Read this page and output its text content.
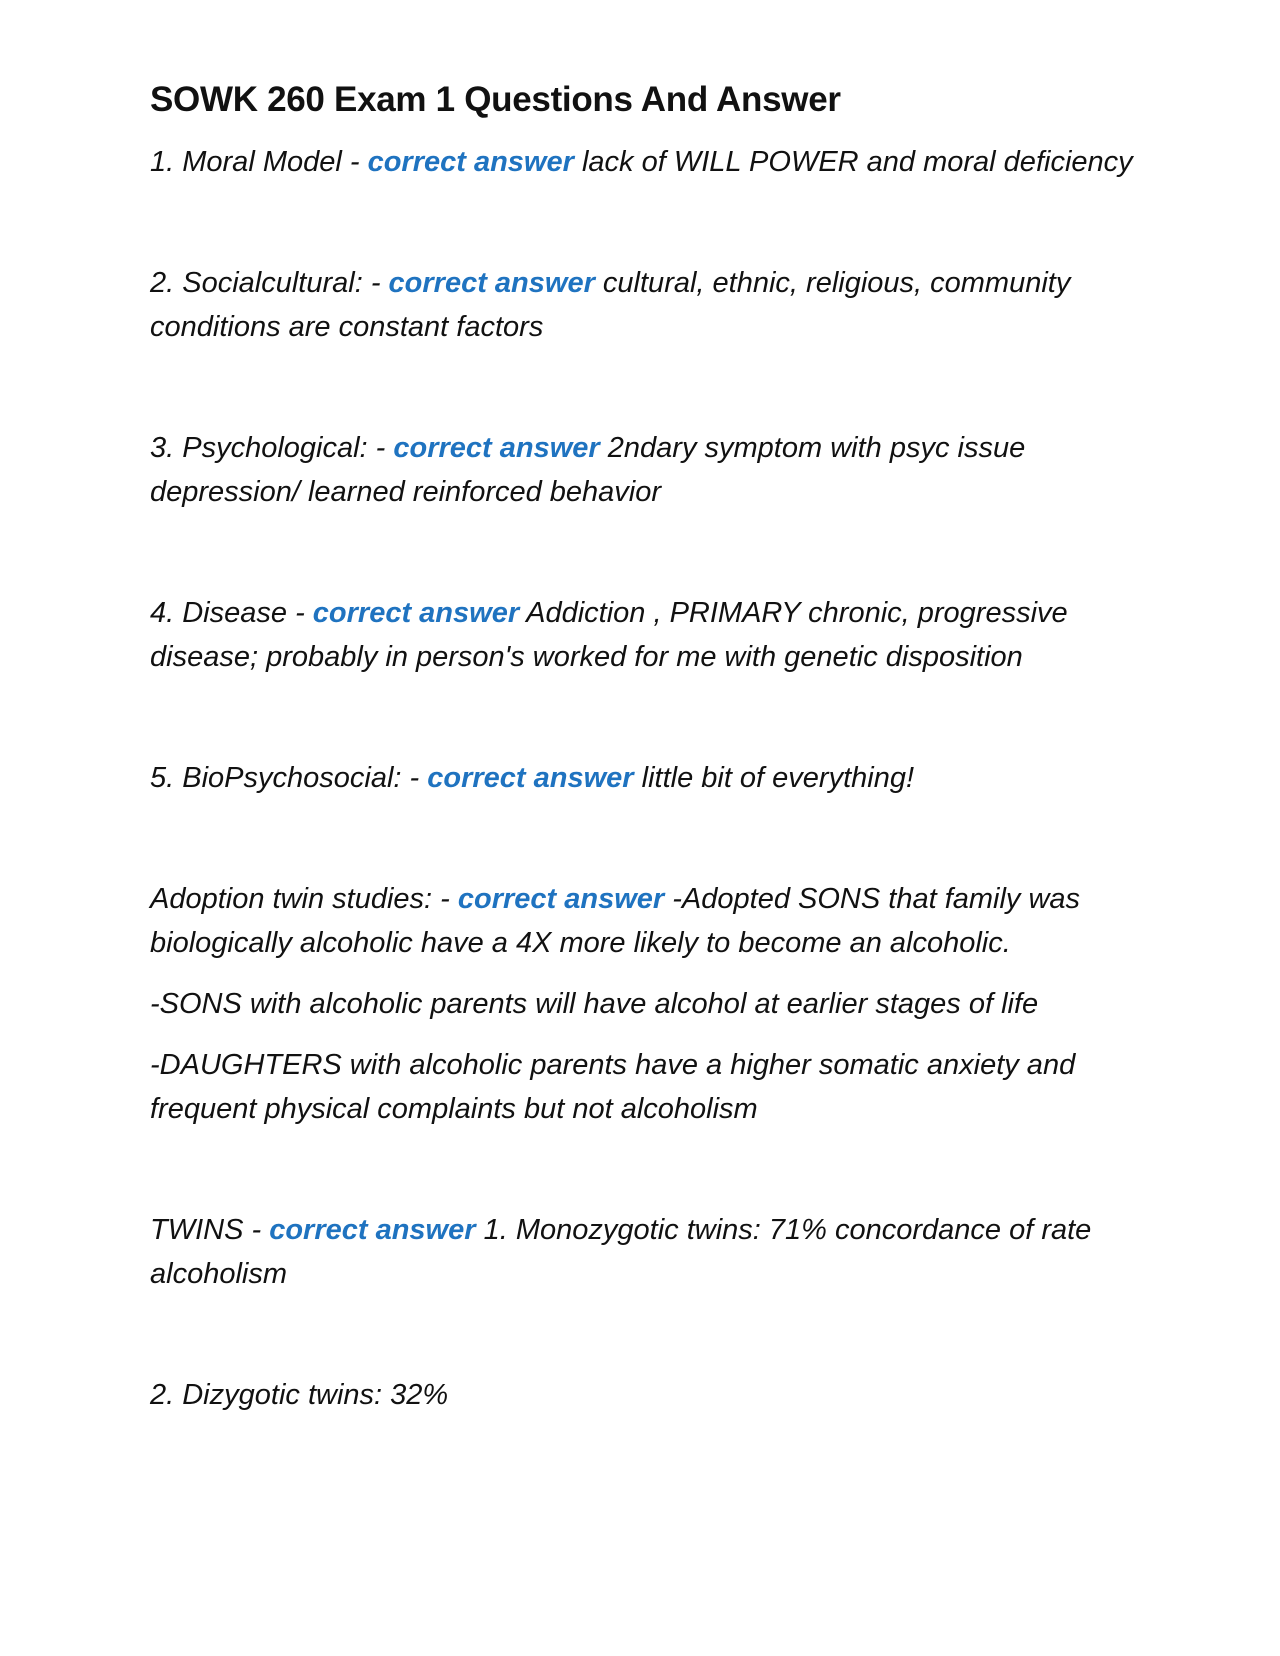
SOWK 260 Exam 1 Questions And Answer

1. Moral Model - correct answer lack of WILL POWER and moral deficiency

2. Socialcultural: - correct answer cultural, ethnic, religious, community conditions are constant factors

3. Psychological: - correct answer 2ndary symptom with psyc issue depression/ learned reinforced behavior

4. Disease - correct answer Addiction , PRIMARY chronic, progressive disease; probably in person's worked for me with genetic disposition

5. BioPsychosocial: - correct answer little bit of everything!

Adoption twin studies: - correct answer -Adopted SONS that family was biologically alcoholic have a 4X more likely to become an alcoholic.

-SONS with alcoholic parents will have alcohol at earlier stages of life

-DAUGHTERS with alcoholic parents have a higher somatic anxiety and frequent physical complaints but not alcoholism

TWINS - correct answer 1. Monozygotic twins: 71% concordance of rate alcoholism

2. Dizygotic twins: 32%
